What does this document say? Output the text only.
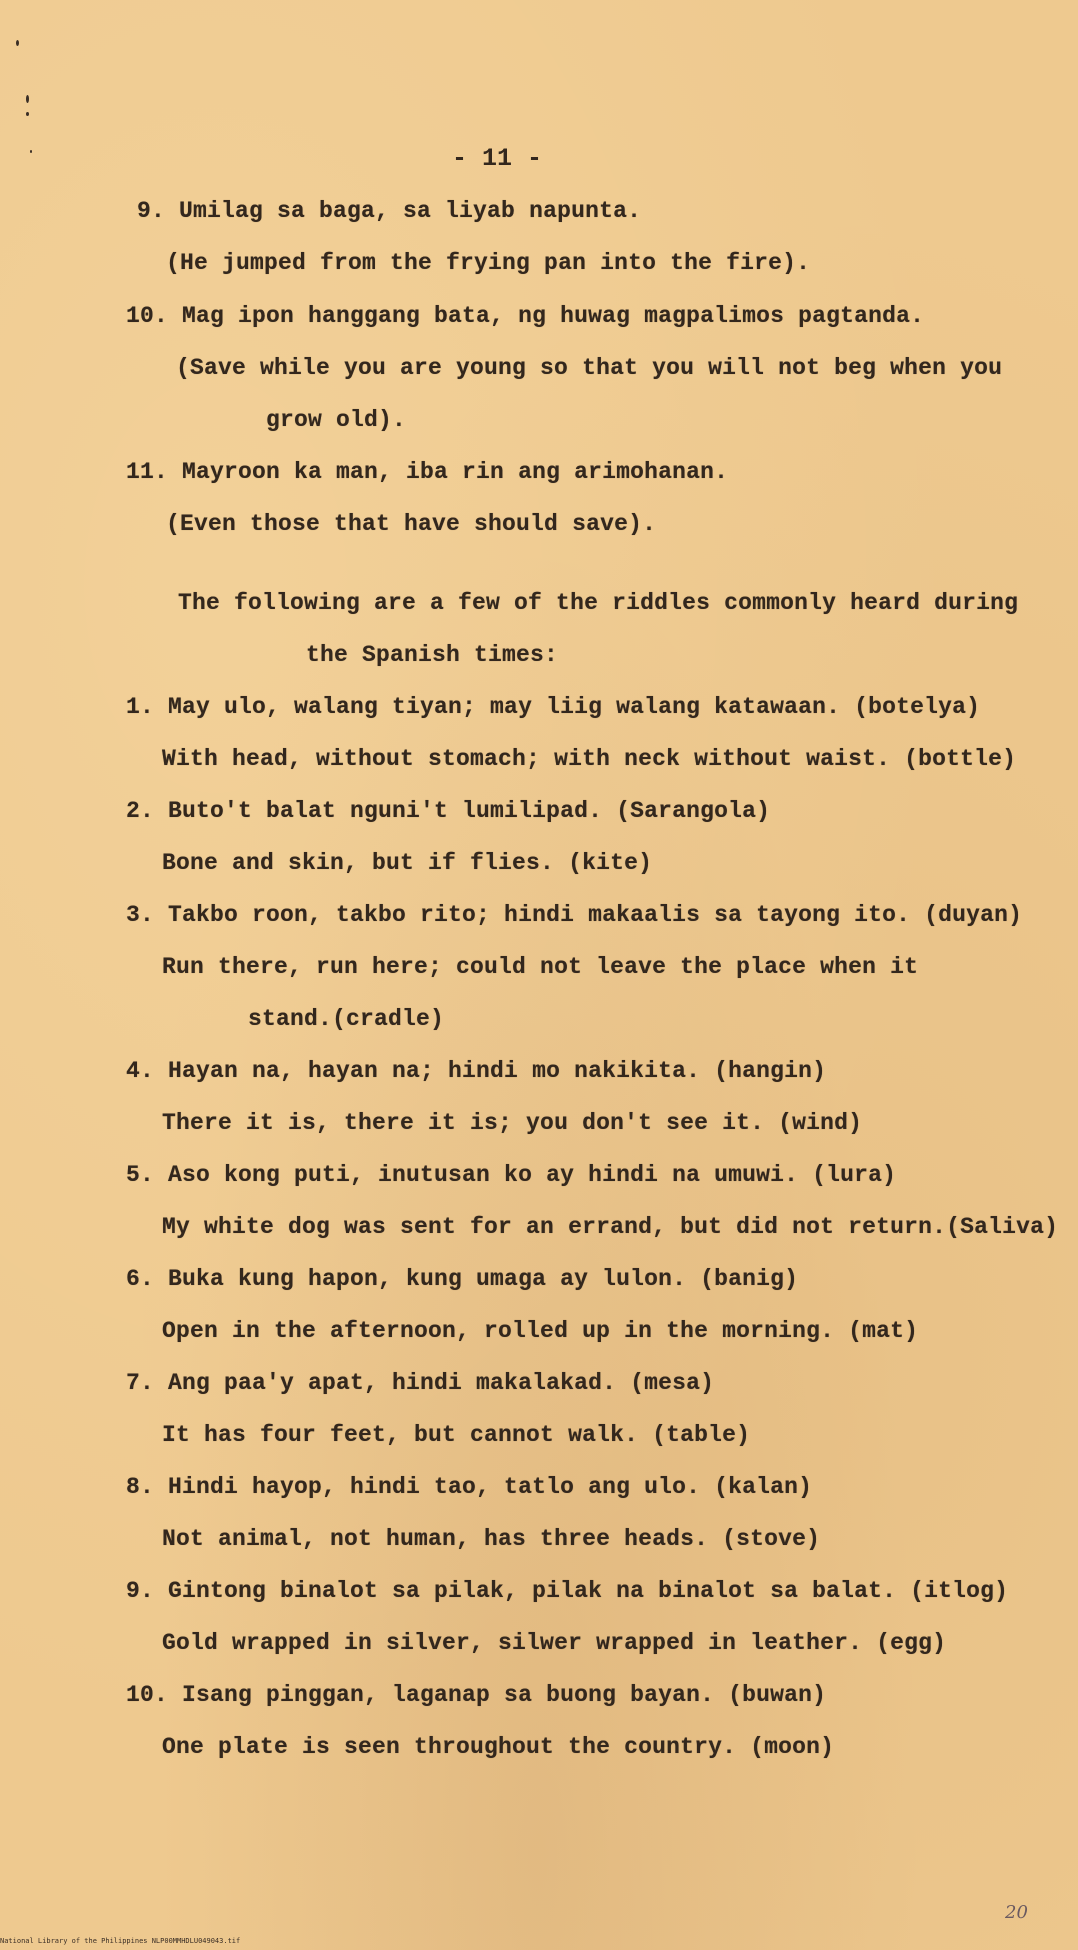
- 11 -
9. Umilag sa baga, sa liyab napunta.
(He jumped from the frying pan into the fire).
10. Mag ipon hanggang bata, ng huwag magpalimos pagtanda.
(Save while you are young so that you will not beg when you
grow old).
11. Mayroon ka man, iba rin ang arimohanan.
(Even those that have should save).
The following are a few of the riddles commonly heard during
the Spanish times:
1. May ulo, walang tiyan; may liig walang katawaan. (botelya)
With head, without stomach; with neck without waist. (bottle)
2. Buto't balat nguni't lumilipad. (Sarangola)
Bone and skin, but if flies. (kite)
3. Takbo roon, takbo rito; hindi makaalis sa tayong ito. (duyan)
Run there, run here; could not leave the place when it
stand.(cradle)
4. Hayan na, hayan na; hindi mo nakikita. (hangin)
There it is, there it is; you don't see it. (wind)
5. Aso kong puti, inutusan ko ay hindi na umuwi. (lura)
My white dog was sent for an errand, but did not return.(Saliva)
6. Buka kung hapon, kung umaga ay lulon. (banig)
Open in the afternoon, rolled up in the morning. (mat)
7. Ang paa'y apat, hindi makalakad. (mesa)
It has four feet, but cannot walk. (table)
8. Hindi hayop, hindi tao, tatlo ang ulo. (kalan)
Not animal, not human, has three heads. (stove)
9. Gintong binalot sa pilak, pilak na binalot sa balat. (itlog)
Gold wrapped in silver, silwer wrapped in leather. (egg)
10. Isang pinggan, laganap sa buong bayan. (buwan)
One plate is seen throughout the country. (moon)
20
National Library of the Philippines NLP00MMHDLU049043.tif
